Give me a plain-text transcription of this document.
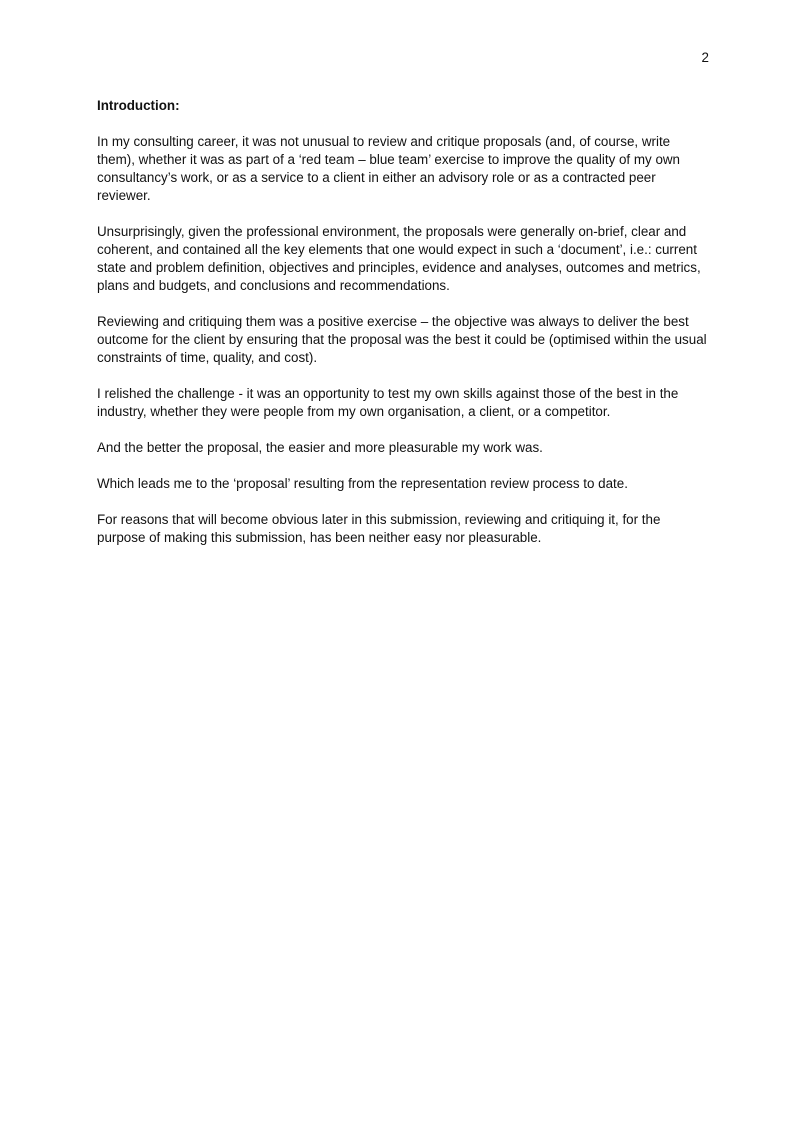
2

Introduction:

In my consulting career, it was not unusual to review and critique proposals (and, of course, write them), whether it was as part of a ‘red team – blue team’ exercise to improve the quality of my own consultancy’s work, or as a service to a client in either an advisory role or as a contracted peer reviewer.

Unsurprisingly, given the professional environment, the proposals were generally on-brief, clear and coherent, and contained all the key elements that one would expect in such a ‘document’, i.e.: current state and problem definition, objectives and principles, evidence and analyses, outcomes and metrics, plans and budgets, and conclusions and recommendations.

Reviewing and critiquing them was a positive exercise – the objective was always to deliver the best outcome for the client by ensuring that the proposal was the best it could be (optimised within the usual constraints of time, quality, and cost).

I relished the challenge - it was an opportunity to test my own skills against those of the best in the industry, whether they were people from my own organisation, a client, or a competitor.

And the better the proposal, the easier and more pleasurable my work was.

Which leads me to the ‘proposal’ resulting from the representation review process to date.

For reasons that will become obvious later in this submission, reviewing and critiquing it, for the purpose of making this submission, has been neither easy nor pleasurable.
